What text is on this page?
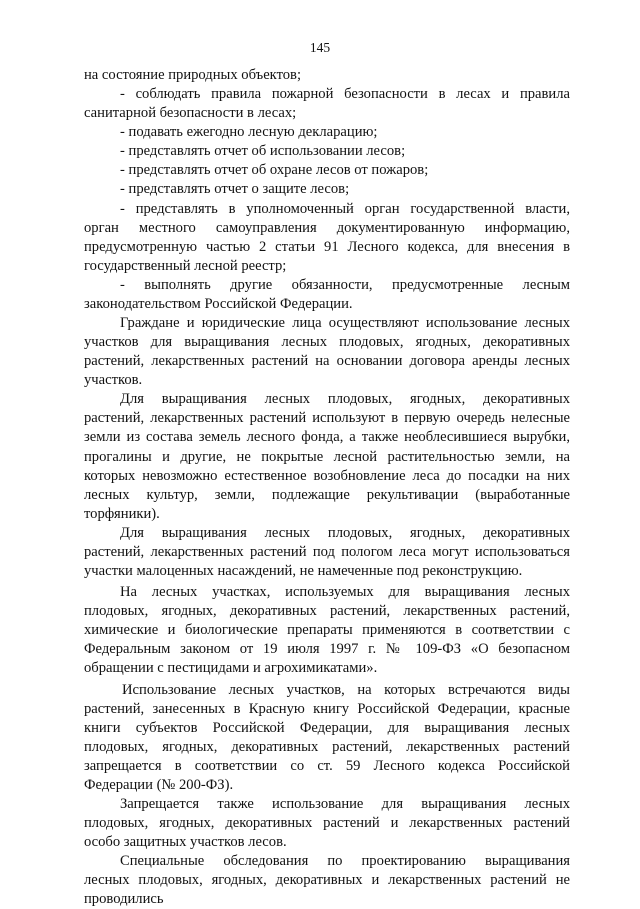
145
на состояние природных объектов;
- соблюдать правила пожарной безопасности в лесах и правила
санитарной безопасности в лесах;
- подавать ежегодно лесную декларацию;
- представлять отчет об использовании лесов;
- представлять отчет об охране лесов от пожаров;
- представлять отчет о защите лесов;
- представлять в уполномоченный орган государственной власти,
орган местного самоуправления документированную информацию,
предусмотренную частью 2 статьи 91 Лесного кодекса, для внесения в
государственный лесной реестр;
- выполнять другие обязанности, предусмотренные лесным
законодательством Российской Федерации.
Граждане и юридические лица осуществляют использование лесных
участков для выращивания лесных плодовых, ягодных, декоративных
растений, лекарственных растений на основании договора аренды лесных
участков.
Для выращивания лесных плодовых, ягодных, декоративных
растений, лекарственных растений используют в первую очередь нелесные
земли из состава земель лесного фонда, а также необлесившиеся вырубки,
прогалины и другие, не покрытые лесной растительностью земли, на
которых невозможно естественное возобновление леса до посадки на них
лесных культур, земли, подлежащие рекультивации (выработанные
торфяники).
Для выращивания лесных плодовых, ягодных, декоративных
растений, лекарственных растений под пологом леса могут использоваться
участки малоценных насаждений, не намеченные под реконструкцию.
На лесных участках, используемых для выращивания лесных
плодовых, ягодных, декоративных растений, лекарственных растений,
химические и биологические препараты применяются в соответствии с
Федеральным законом от 19 июля 1997 г. № 109-ФЗ «О безопасном
обращении с пестицидами и агрохимикатами».
Использование лесных участков, на которых встречаются виды
растений, занесенных в Красную книгу Российской Федерации, красные
книги субъектов Российской Федерации, для выращивания лесных
плодовых, ягодных, декоративных растений, лекарственных растений
запрещается в соответствии со ст. 59 Лесного кодекса Российской
Федерации (№ 200-ФЗ).
Запрещается также использование для выращивания лесных
плодовых, ягодных, декоративных растений и лекарственных растений
особо защитных участков лесов.
Специальные обследования по проектированию выращивания
лесных плодовых, ягодных, декоративных и лекарственных растений не
проводились
